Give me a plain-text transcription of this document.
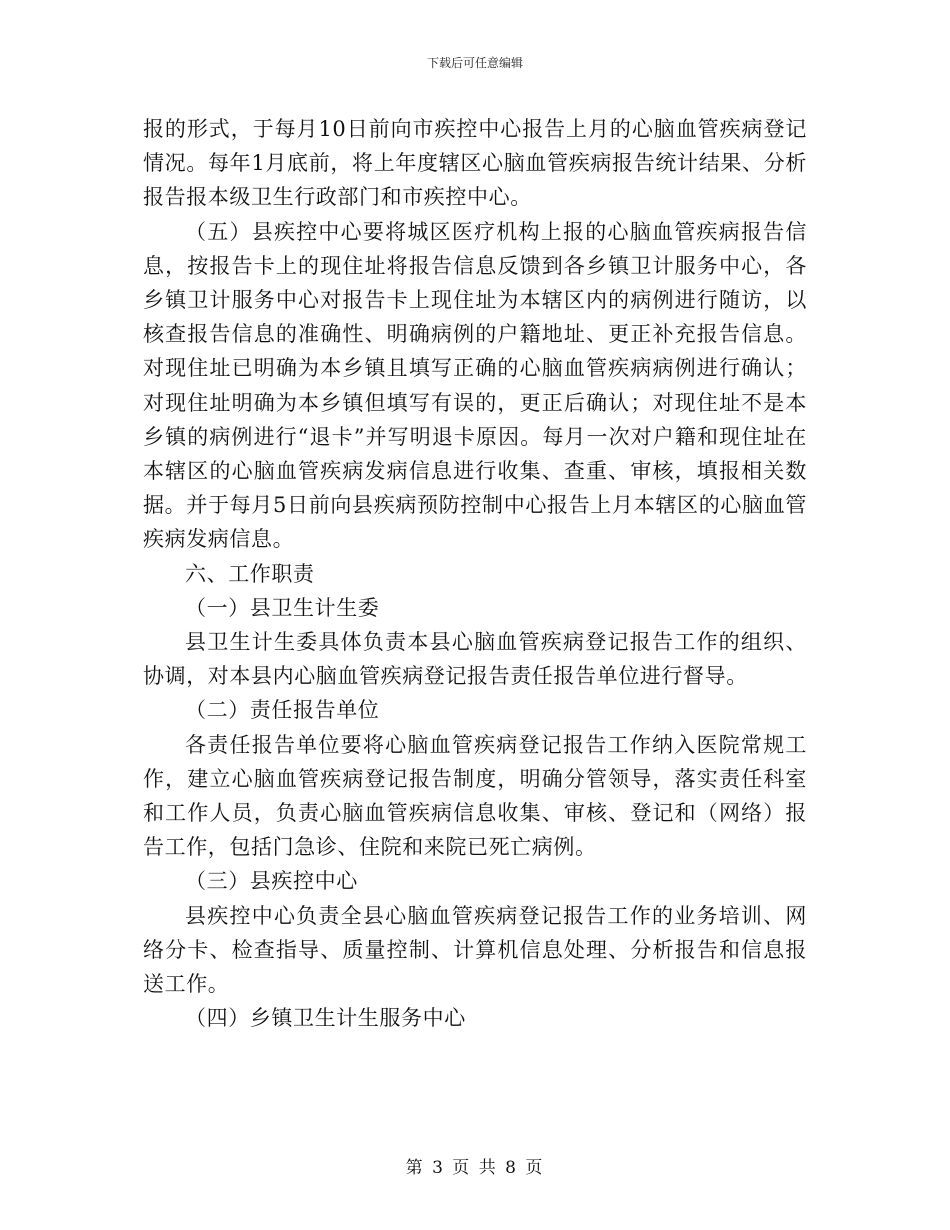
下载后可任意编辑

报的形式，于每月10日前向市疾控中心报告上月的心脑血管疾病登记情况。每年1月底前，将上年度辖区心脑血管疾病报告统计结果、分析报告报本级卫生行政部门和市疾控中心。

（五）县疾控中心要将城区医疗机构上报的心脑血管疾病报告信息，按报告卡上的现住址将报告信息反馈到各乡镇卫计服务中心，各乡镇卫计服务中心对报告卡上现住址为本辖区内的病例进行随访，以核查报告信息的准确性、明确病例的户籍地址、更正补充报告信息。对现住址已明确为本乡镇且填写正确的心脑血管疾病病例进行确认；对现住址明确为本乡镇但填写有误的，更正后确认；对现住址不是本乡镇的病例进行“退卡”并写明退卡原因。每月一次对户籍和现住址在本辖区的心脑血管疾病发病信息进行收集、查重、审核，填报相关数据。并于每月5日前向县疾病预防控制中心报告上月本辖区的心脑血管疾病发病信息。

六、工作职责

（一）县卫生计生委

县卫生计生委具体负责本县心脑血管疾病登记报告工作的组织、协调，对本县内心脑血管疾病登记报告责任报告单位进行督导。

（二）责任报告单位

各责任报告单位要将心脑血管疾病登记报告工作纳入医院常规工作，建立心脑血管疾病登记报告制度，明确分管领导，落实责任科室和工作人员，负责心脑血管疾病信息收集、审核、登记和（网络）报告工作，包括门急诊、住院和来院已死亡病例。

（三）县疾控中心

县疾控中心负责全县心脑血管疾病登记报告工作的业务培训、网络分卡、检查指导、质量控制、计算机信息处理、分析报告和信息报送工作。

（四）乡镇卫生计生服务中心

第 3 页 共 8 页
